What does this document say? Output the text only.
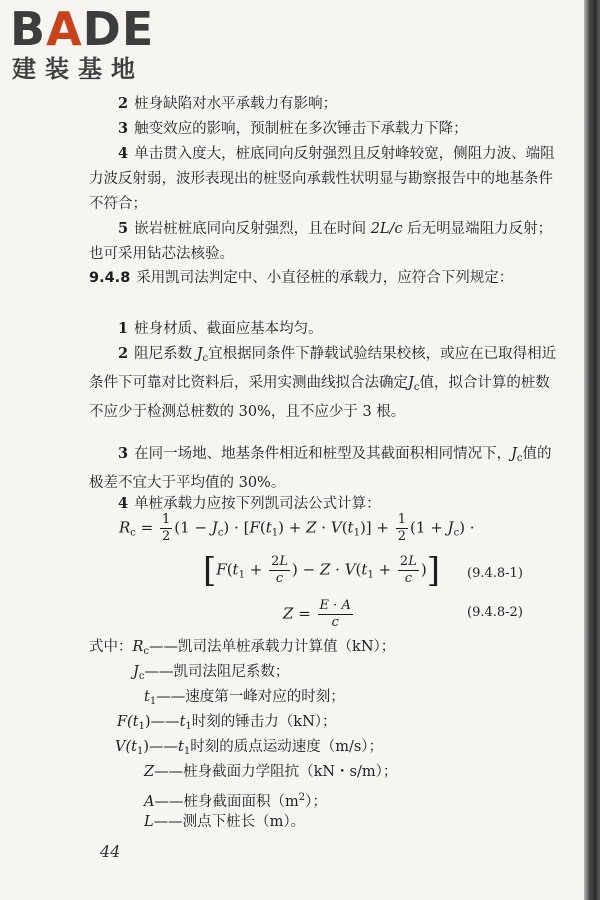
BADE
建装基地
2 桩身缺陷对水平承载力有影响；
3 触变效应的影响，预制桩在多次锤击下承载力下降；
4 单击贯入度大，桩底同向反射强烈且反射峰较宽，侧阻力波、端阻力波反射弱，波形表现出的桩竖向承载性状明显与勘察报告中的地基条件不符合；
5 嵌岩桩桩底同向反射强烈，且在时间 2L/c 后无明显端阻力反射；也可采用钻芯法核验。
9.4.8 采用凯司法判定中、小直径桩的承载力，应符合下列规定：
1 桩身材质、截面应基本均匀。
2 阻尼系数 $J_c$宜根据同条件下静载试验结果校核，或应在已取得相近条件下可靠对比资料后，采用实测曲线拟合法确定$J_c$值，拟合计算的桩数不应少于检测总桩数的 30%，且不应少于 3 根。
3 在同一场地、地基条件相近和桩型及其截面积相同情况下，$J_c$值的极差不宜大于平均值的 30%。
4 单桩承载力应按下列凯司法公式计算：
$R_c = \frac{1}{2} (1 - J_c) \cdot [F(t_1) + Z \cdot V(t_1)] + \frac{1}{2} (1 + J_c)$ ·
[$F(t_1 + \frac{2L}{c}$ ) − $Z \cdot V(t_1 + \frac{2L}{c}$ )] (9.4.8-1)
$Z = \frac{E \cdot A}{c}$	(9.4.8-2)
式中：$R_c——$凯司法单桩承载力计算值（kN）；
$J_c——$凯司法阻尼系数；
$t_1——$速度第一峰对应的时刻；
$F(t_1)——t_1$时刻的锤击力（kN）；
$V(t_1)——t_1$时刻的质点运动速度（m/s）；
Z——桩身截面力学阻抗（kN・s/m）；
A——桩身截面面积$(m^2)$；
L——测点下桩长（m）。
44
